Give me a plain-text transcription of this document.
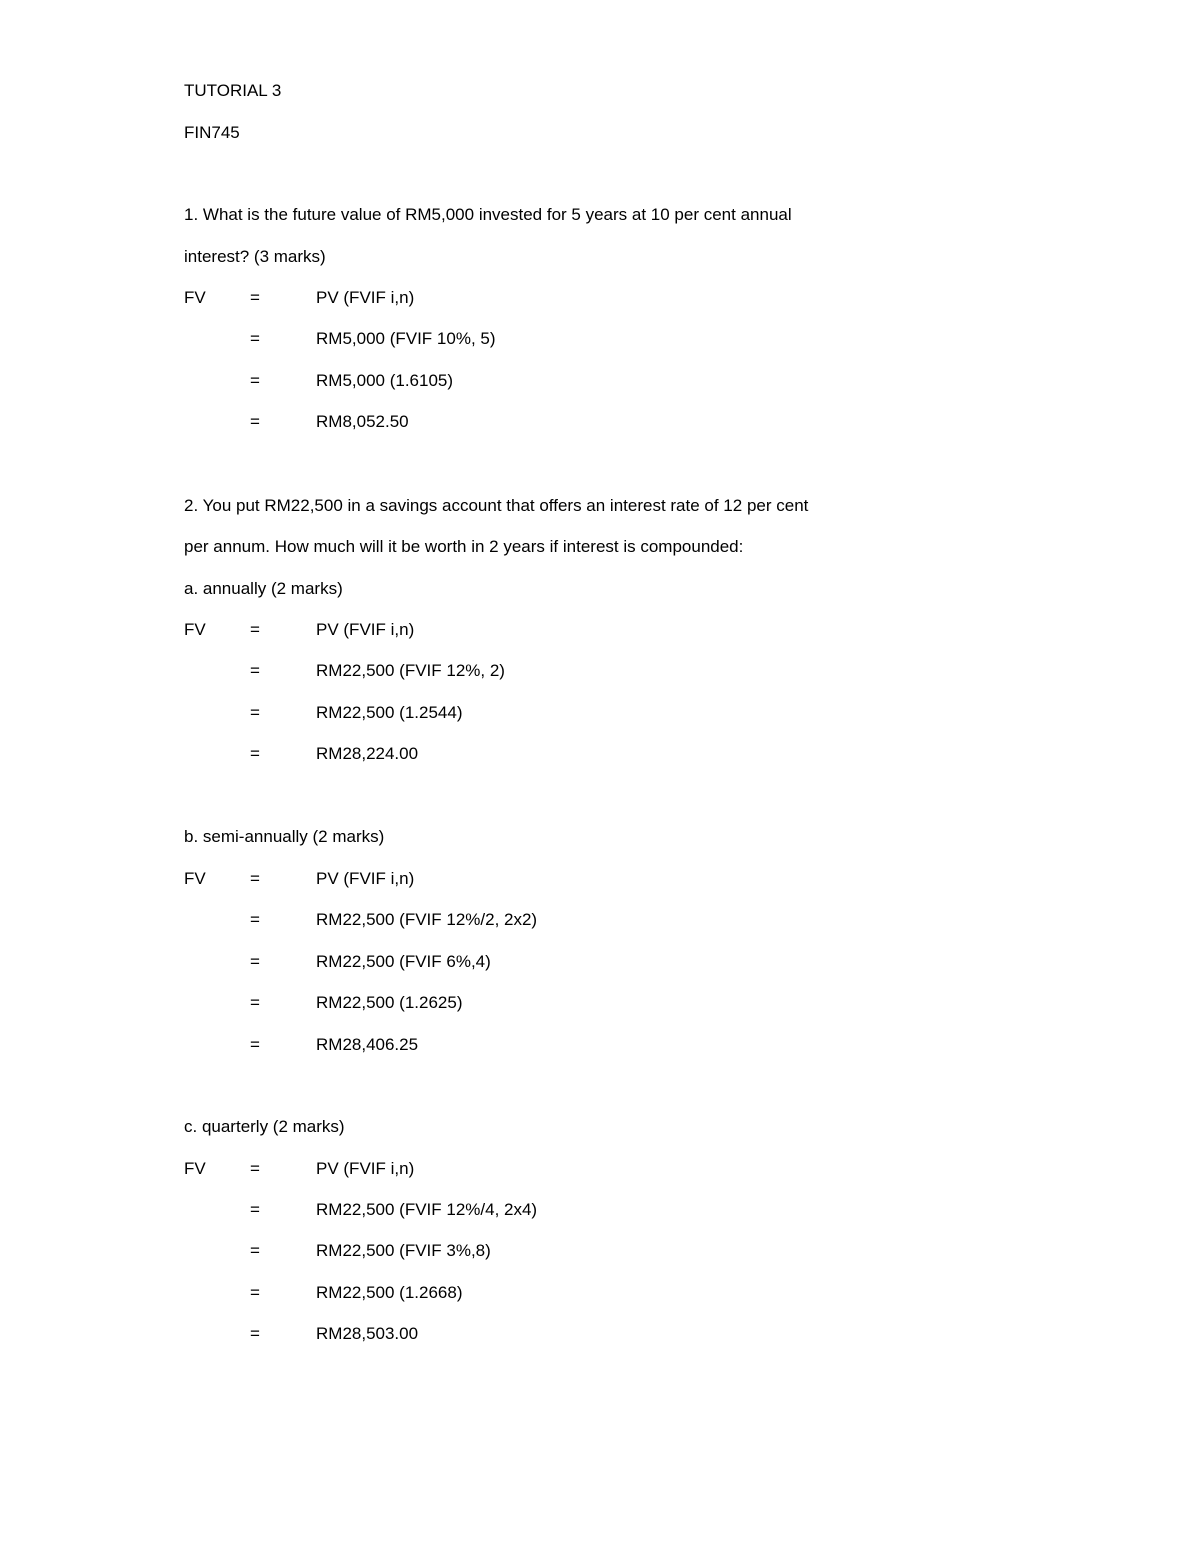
TUTORIAL 3
FIN745
1. What is the future value of RM5,000 invested for 5 years at 10 per cent annual
interest? (3 marks)
FV	=	PV (FVIF i,n)
=	RM5,000 (FVIF 10%, 5)
=	RM5,000 (1.6105)
=	RM8,052.50
2. You put RM22,500 in a savings account that offers an interest rate of 12 per cent
per annum. How much will it be worth in 2 years if interest is compounded:
a. annually (2 marks)
FV	=	PV (FVIF i,n)
=	RM22,500 (FVIF 12%, 2)
=	RM22,500 (1.2544)
=	RM28,224.00
b. semi-annually (2 marks)
FV	=	PV (FVIF i,n)
=	RM22,500 (FVIF 12%/2, 2x2)
=	RM22,500 (FVIF 6%,4)
=	RM22,500 (1.2625)
=	RM28,406.25
c. quarterly (2 marks)
FV	=	PV (FVIF i,n)
=	RM22,500 (FVIF 12%/4, 2x4)
=	RM22,500 (FVIF 3%,8)
=	RM22,500 (1.2668)
=	RM28,503.00
